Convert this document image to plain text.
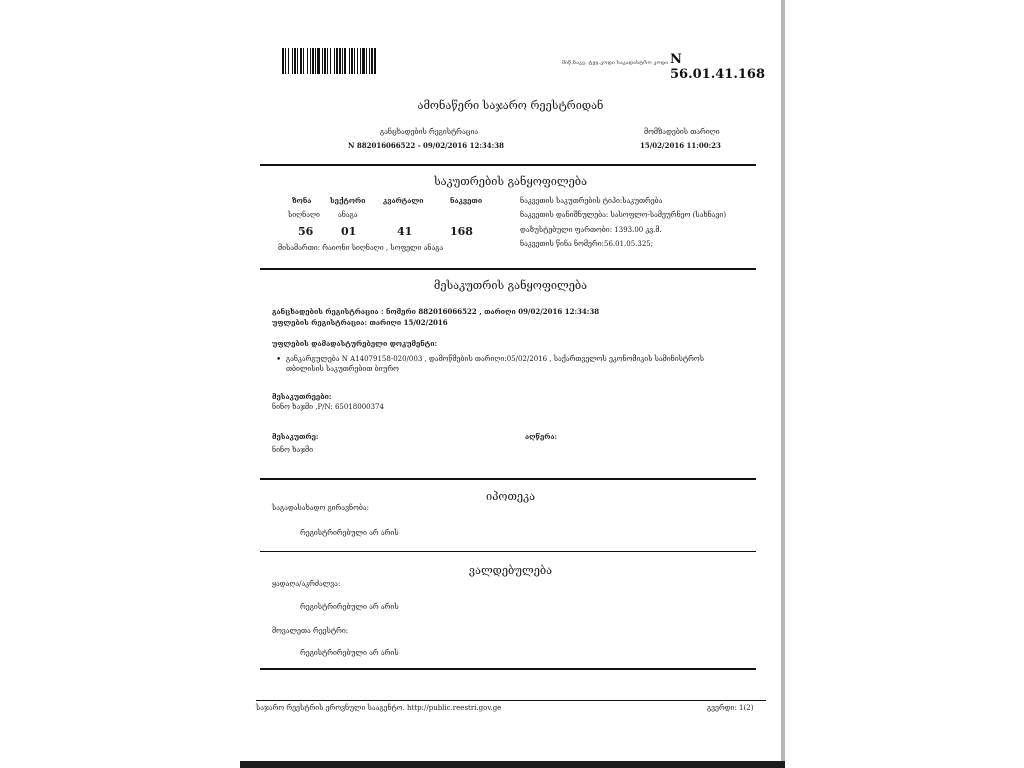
მიწ.ნაკვ. ტეჲ.კოდი საკადასტრო კოდი N 56.01.41.168
ამონაწერი საჯარო რეესტრიდან
განცხადების რეგისტრაცია
N 882016066522 - 09/02/2016 12:34:38
მომზადების თარიღი
15/02/2016 11:00:23
საკუთრების განყოფილება
ზონა	სექტორი	კვარტალი	ნაკვეთი
სიღნაღი	ანაგა
56	01	41	168
მისამართი: რაიონი სიღნაღი , სოფელი ანაგა
ნაკვეთის საკუთრების ტიპი:საკუთრება
ნაკვეთის დანიშნულება: სასოფლო-სამეურნეო (სახნავი)
დაზუსტებული ფართობი: 1393.00 კვ.მ.
ნაკვეთის წინა ნომერი:56.01.05.325;
მესაკუთრის განყოფილება
განცხადების რეგისტრაცია : ნომერი 882016066522 , თარიღი 09/02/2016 12:34:38
უფლების რეგისტრაცია: თარიღი 15/02/2016
უფლების დამადასტურებელი დოკუმენტი:
• განკარგულება N A14079158-020/003 , დამოწმების თარიღი:05/02/2016 , საქართველოს ეკონომიკის სამინისტროს
თბილისის საკუთრებით ბიურო
მესაკუთრეები:
ნინო ხაჯმი ,P/N: 65018000374
მესაკუთრე:
ნინო ხაჯმი
აღწერა:
იპოთეკა
საგადასახადო გირავნობა:
რეგისტრირებული არ არის
ვალდებულება
ყადაღა/აკრძალვა:
რეგისტრირებული არ არის
მოვალეთა რეესტრი:
რეგისტრირებული არ არის
საჯარო რეესტრის ეროვნული სააგენტო. http://public.reestri.gov.ge	გვერდი: 1(2)
